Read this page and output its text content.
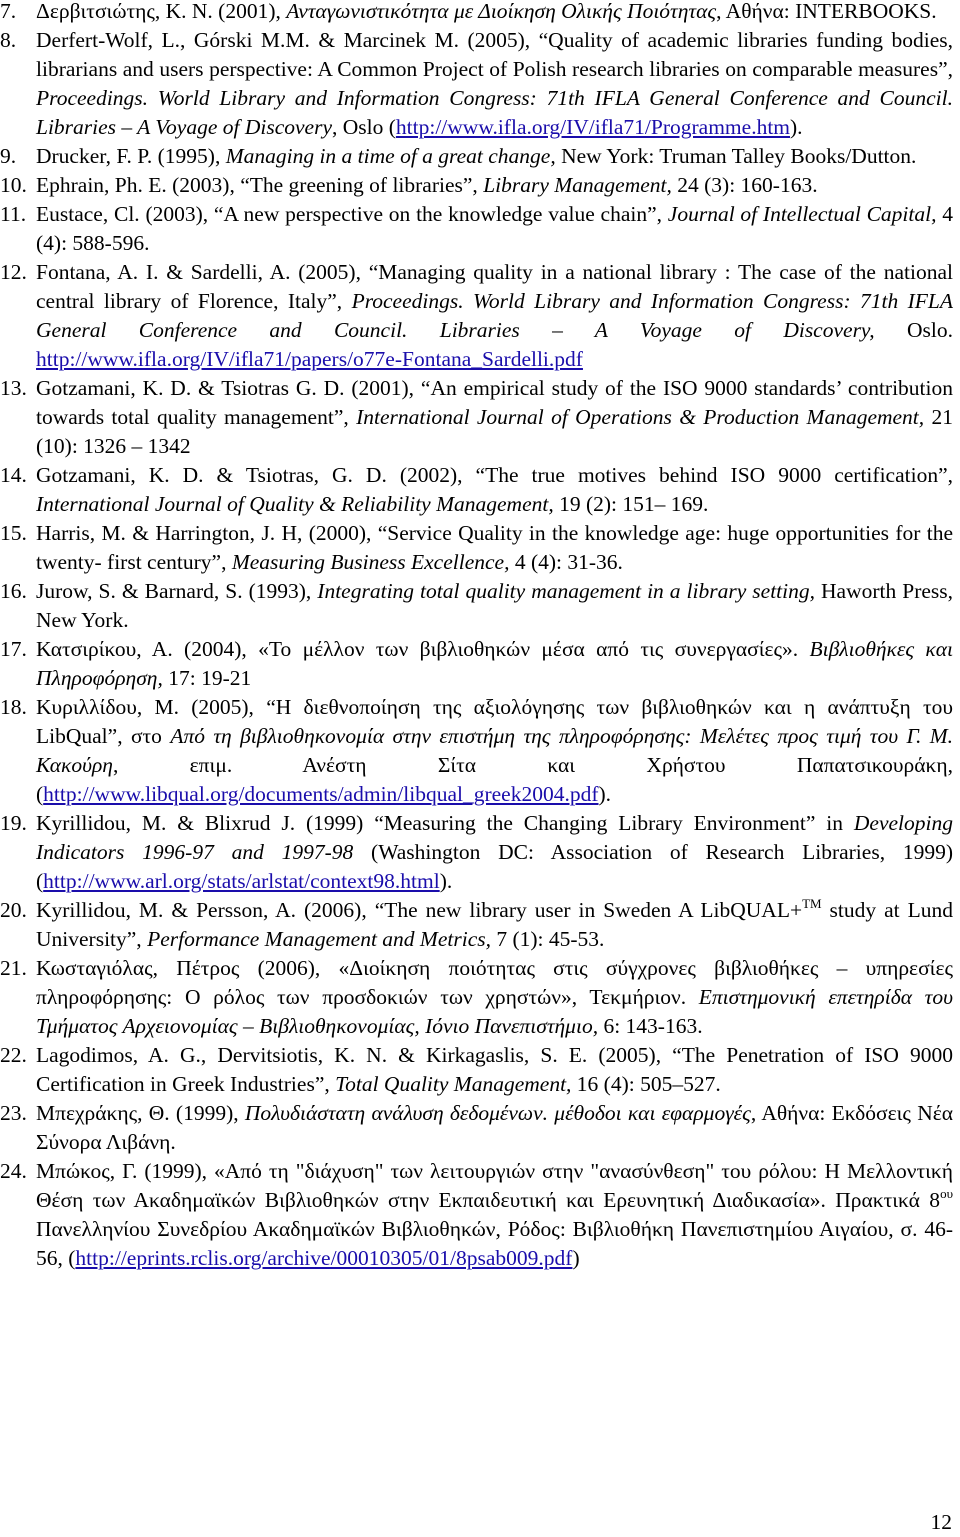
7. Δερβιτσιώτης, Κ. Ν. (2001), Ανταγωνιστικότητα με Διοίκηση Ολικής Ποιότητας, Αθήνα: INTERBOOKS.
8. Derfert-Wolf, L., Górski M.M. & Marcinek M. (2005), “Quality of academic libraries funding bodies, librarians and users perspective: A Common Project of Polish research libraries on comparable measures”, Proceedings. World Library and Information Congress: 71th IFLA General Conference and Council. Libraries – A Voyage of Discovery, Oslo (http://www.ifla.org/IV/ifla71/Programme.htm).
9. Drucker, F. P. (1995), Managing in a time of a great change, New York: Truman Talley Books/Dutton.
10. Ephrain, Ph. E. (2003), “The greening of libraries”, Library Management, 24 (3): 160-163.
11. Eustace, Cl. (2003), “A new perspective on the knowledge value chain”, Journal of Intellectual Capital, 4 (4): 588-596.
12. Fontana, A. I. & Sardelli, A. (2005), “Managing quality in a national library : The case of the national central library of Florence, Italy”, Proceedings. World Library and Information Congress: 71th IFLA General Conference and Council. Libraries – A Voyage of Discovery, Oslo. http://www.ifla.org/IV/ifla71/papers/o77e-Fontana_Sardelli.pdf
13. Gotzamani, K. D. & Tsiotras G. D. (2001), “An empirical study of the ISO 9000 standards’ contribution towards total quality management”, International Journal of Operations & Production Management, 21 (10): 1326 – 1342
14. Gotzamani, K. D. & Tsiotras, G. D. (2002), “The true motives behind ISO 9000 certification”, International Journal of Quality & Reliability Management, 19 (2): 151– 169.
15. Harris, M. & Harrington, J. H, (2000), “Service Quality in the knowledge age: huge opportunities for the twenty- first century”, Measuring Business Excellence, 4 (4): 31-36.
16. Jurow, S. & Barnard, S. (1993), Integrating total quality management in a library setting, Haworth Press, New York.
17. Κατσιρίκου, Α. (2004), «Το μέλλον των βιβλιοθηκών μέσα από τις συνεργασίες». Βιβλιοθήκες και Πληροφόρηση, 17: 19-21
18. Κυριλλίδου, Μ. (2005), “Η διεθνοποίηση της αξιολόγησης των βιβλιοθηκών και η ανάπτυξη του LibQual”, στο Από τη βιβλιοθηκονομία στην επιστήμη της πληροφόρησης: Μελέτες προς τιμή του Γ. Μ. Κακούρη, επιμ. Ανέστη Σίτα και Χρήστου Παπατσικουράκη, (http://www.libqual.org/documents/admin/libqual_greek2004.pdf).
19. Kyrillidou, M. & Blixrud J. (1999) “Measuring the Changing Library Environment” in Developing Indicators 1996-97 and 1997-98 (Washington DC: Association of Research Libraries, 1999) (http://www.arl.org/stats/arlstat/context98.html).
20. Kyrillidou, M. & Persson, A. (2006), “The new library user in Sweden A LibQUAL+™ study at Lund University”, Performance Management and Metrics, 7 (1): 45-53.
21. Κωσταγιόλας, Πέτρος (2006), «Διοίκηση ποιότητας στις σύγχρονες βιβλιοθήκες – υπηρεσίες πληροφόρησης: Ο ρόλος των προσδοκιών των χρηστών», Τεκμήριον. Επιστημονική επετηρίδα του Τμήματος Αρχειονομίας – Βιβλιοθηκονομίας, Ιόνιο Πανεπιστήμιο, 6: 143-163.
22. Lagodimos, A. G., Dervitsiotis, K. N. & Kirkagaslis, S. E. (2005), “The Penetration of ISO 9000 Certification in Greek Industries”, Total Quality Management, 16 (4): 505–527.
23. Μπεχράκης, Θ. (1999), Πολυδιάστατη ανάλυση δεδομένων. μέθοδοι και εφαρμογές, Αθήνα: Εκδόσεις Νέα Σύνορα Λιβάνη.
24. Μπώκος, Γ. (1999), «Από τη "διάχυση" των λειτουργιών στην "ανασύνθεση" του ρόλου: Η Μελλοντική Θέση των Ακαδημαϊκών Βιβλιοθηκών στην Εκπαιδευτική και Ερευνητική Διαδικασία». Πρακτικά $8^{o\upsilon}$ Πανελληνίου Συνεδρίου Ακαδημαϊκών Βιβλιοθηκών, Ρόδος: Βιβλιοθήκη Πανεπιστημίου Αιγαίου, σ. 46-56, (http://eprints.rclis.org/archive/00010305/01/8psab009.pdf)
12
